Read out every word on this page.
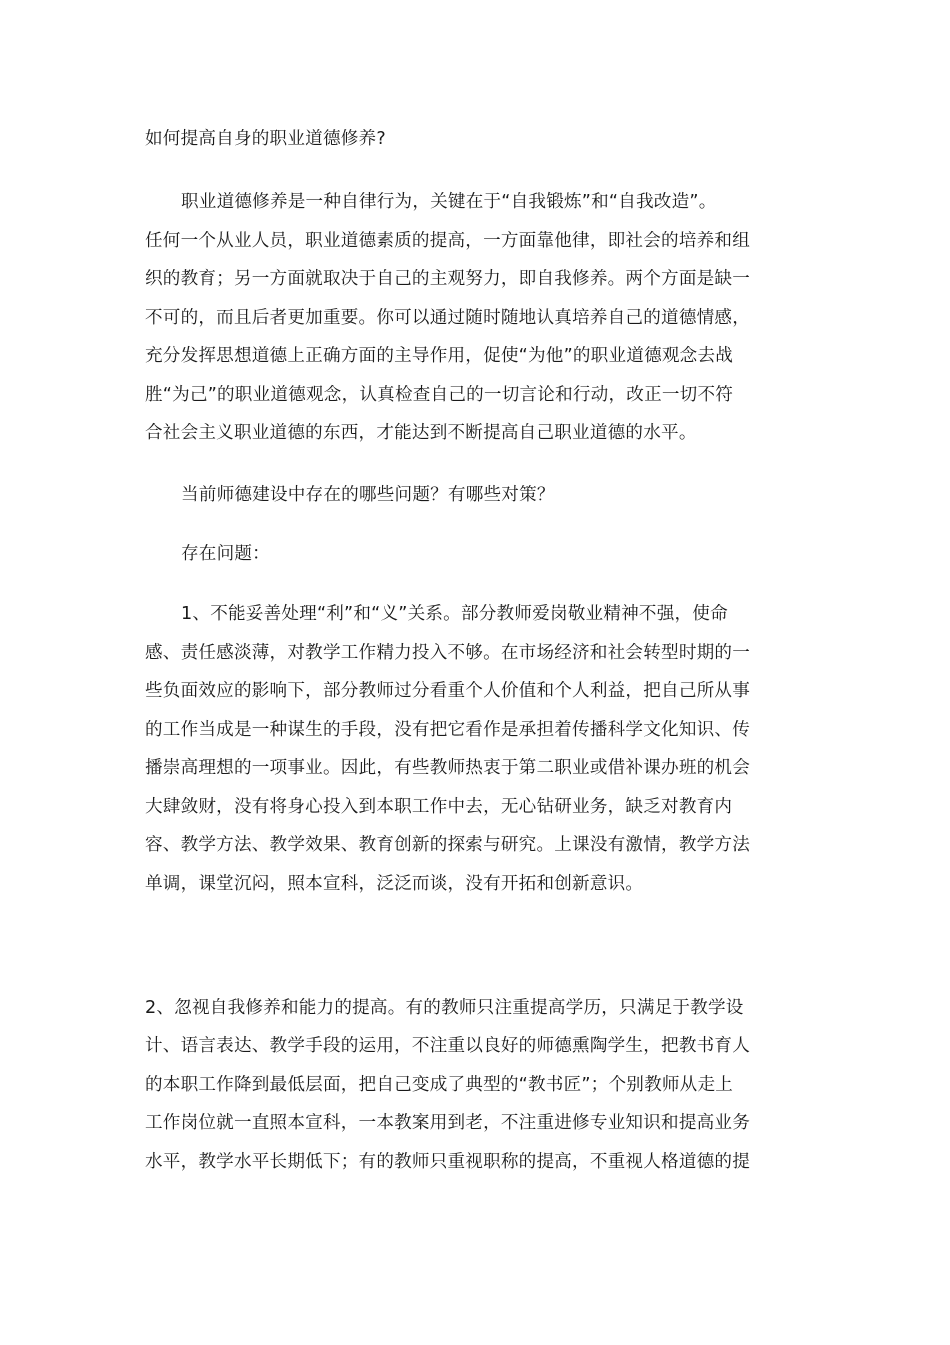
如何提高自身的职业道德修养?
职业道德修养是一种自律行为，关键在于“自我锻炼”和“自我改造”。
任何一个从业人员，职业道德素质的提高，一方面靠他律，即社会的培养和组
织的教育；另一方面就取决于自己的主观努力，即自我修养。两个方面是缺一
不可的，而且后者更加重要。你可以通过随时随地认真培养自己的道德情感，
充分发挥思想道德上正确方面的主导作用，促使“为他”的职业道德观念去战
胜“为己”的职业道德观念，认真检查自己的一切言论和行动，改正一切不符
合社会主义职业道德的东西，才能达到不断提高自己职业道德的水平。
当前师德建设中存在的哪些问题？有哪些对策？
存在问题：
1、不能妥善处理“利”和“义”关系。部分教师爱岗敬业精神不强，使命
感、责任感淡薄，对教学工作精力投入不够。在市场经济和社会转型时期的一
些负面效应的影响下，部分教师过分看重个人价值和个人利益，把自己所从事
的工作当成是一种谋生的手段，没有把它看作是承担着传播科学文化知识、传
播崇高理想的一项事业。因此，有些教师热衷于第二职业或借补课办班的机会
大肆敛财，没有将身心投入到本职工作中去，无心钻研业务，缺乏对教育内
容、教学方法、教学效果、教育创新的探索与研究。上课没有激情，教学方法
单调，课堂沉闷，照本宣科，泛泛而谈，没有开拓和创新意识。
2、忽视自我修养和能力的提高。有的教师只注重提高学历，只满足于教学设
计、语言表达、教学手段的运用，不注重以良好的师德熏陶学生，把教书育人
的本职工作降到最低层面，把自己变成了典型的“教书匠”；个别教师从走上
工作岗位就一直照本宣科，一本教案用到老，不注重进修专业知识和提高业务
水平，教学水平长期低下；有的教师只重视职称的提高，不重视人格道德的提
